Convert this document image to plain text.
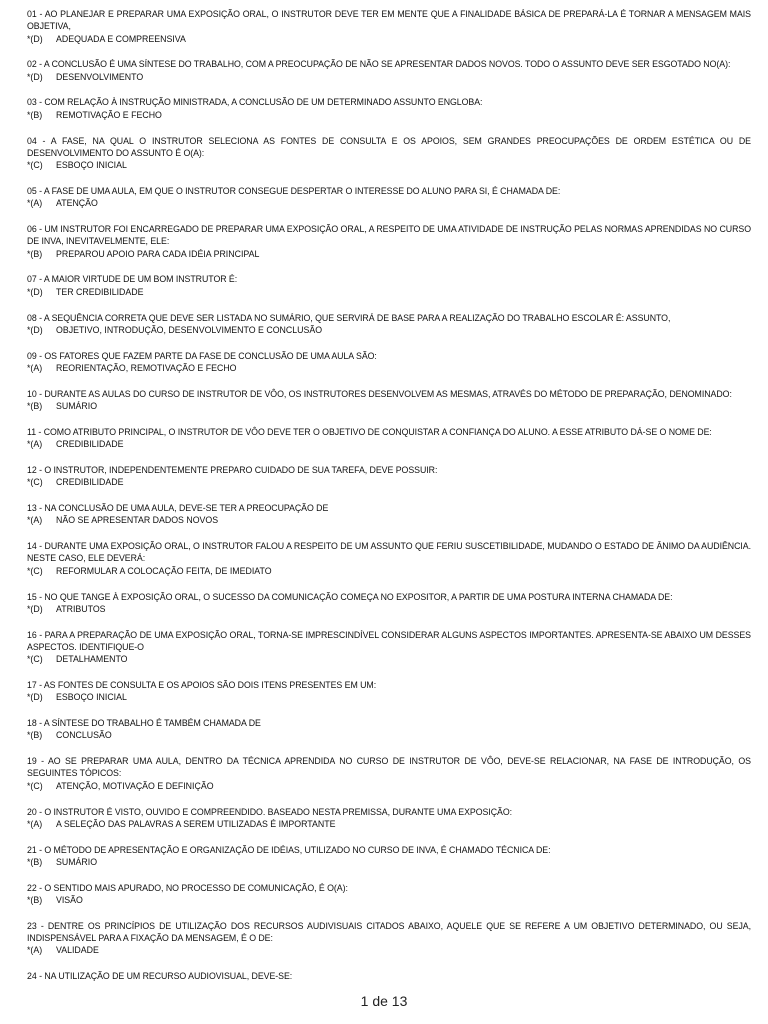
01 - AO PLANEJAR E PREPARAR UMA EXPOSIÇÃO ORAL, O INSTRUTOR DEVE TER EM MENTE QUE A FINALIDADE BÁSICA DE PREPARÁ-LA É TORNAR A MENSAGEM MAIS OBJETIVA,
*(D) ADEQUADA E COMPREENSIVA
02 - A CONCLUSÃO É UMA SÍNTESE DO TRABALHO, COM A PREOCUPAÇÃO DE NÃO SE APRESENTAR DADOS NOVOS. TODO O ASSUNTO DEVE SER ESGOTADO NO(A):
*(D) DESENVOLVIMENTO
03 - COM RELAÇÃO À INSTRUÇÃO MINISTRADA, A CONCLUSÃO DE UM DETERMINADO ASSUNTO ENGLOBA:
*(B) REMOTIVAÇÃO E FECHO
04 - A FASE, NA QUAL O INSTRUTOR SELECIONA AS FONTES DE CONSULTA E OS APOIOS, SEM GRANDES PREOCUPAÇÕES DE ORDEM ESTÉTICA OU DE DESENVOLVIMENTO DO ASSUNTO É O(A):
*(C) ESBOÇO INICIAL
05 - A FASE DE UMA AULA, EM QUE O INSTRUTOR CONSEGUE DESPERTAR O INTERESSE DO ALUNO PARA SI, É CHAMADA DE:
*(A) ATENÇÃO
06 - UM INSTRUTOR FOI ENCARREGADO DE PREPARAR UMA EXPOSIÇÃO ORAL, A RESPEITO DE UMA ATIVIDADE DE INSTRUÇÃO PELAS NORMAS APRENDIDAS NO CURSO DE INVA, INEVITAVELMENTE, ELE:
*(B) PREPAROU APOIO PARA CADA IDÉIA PRINCIPAL
07 - A MAIOR VIRTUDE DE UM BOM INSTRUTOR É:
*(D) TER CREDIBILIDADE
08 - A SEQUÊNCIA CORRETA QUE DEVE SER LISTADA NO SUMÁRIO, QUE SERVIRÁ DE BASE PARA A REALIZAÇÃO DO TRABALHO ESCOLAR É: ASSUNTO,
*(D) OBJETIVO, INTRODUÇÃO, DESENVOLVIMENTO E CONCLUSÃO
09 - OS FATORES QUE FAZEM PARTE DA FASE DE CONCLUSÃO DE UMA AULA SÃO:
*(A) REORIENTAÇÃO, REMOTIVAÇÃO E FECHO
10 - DURANTE AS AULAS DO CURSO DE INSTRUTOR DE VÔO, OS INSTRUTORES DESENVOLVEM AS MESMAS, ATRAVÉS DO MÉTODO DE PREPARAÇÃO, DENOMINADO:
*(B) SUMÁRIO
11 - COMO ATRIBUTO PRINCIPAL, O INSTRUTOR DE VÔO DEVE TER O OBJETIVO DE CONQUISTAR A CONFIANÇA DO ALUNO. A ESSE ATRIBUTO DÁ-SE O NOME DE:
*(A) CREDIBILIDADE
12 - O INSTRUTOR, INDEPENDENTEMENTE PREPARO CUIDADO DE SUA TAREFA, DEVE POSSUIR:
*(C) CREDIBILIDADE
13 - NA CONCLUSÃO DE UMA AULA, DEVE-SE TER A PREOCUPAÇÃO DE
*(A) NÃO SE APRESENTAR DADOS NOVOS
14 - DURANTE UMA EXPOSIÇÃO ORAL, O INSTRUTOR FALOU A RESPEITO DE UM ASSUNTO QUE FERIU SUSCETIBILIDADE, MUDANDO O ESTADO DE ÂNIMO DA AUDIÊNCIA. NESTE CASO, ELE DEVERÁ:
*(C) REFORMULAR A COLOCAÇÃO FEITA, DE IMEDIATO
15 - NO QUE TANGE À EXPOSIÇÃO ORAL, O SUCESSO DA COMUNICAÇÃO COMEÇA NO EXPOSITOR, A PARTIR DE UMA POSTURA INTERNA CHAMADA DE:
*(D) ATRIBUTOS
16 - PARA A PREPARAÇÃO DE UMA EXPOSIÇÃO ORAL, TORNA-SE IMPRESCINDÍVEL CONSIDERAR ALGUNS ASPECTOS IMPORTANTES. APRESENTA-SE ABAIXO UM DESSES ASPECTOS. IDENTIFIQUE-O
*(C) DETALHAMENTO
17 - AS FONTES DE CONSULTA E OS APOIOS SÃO DOIS ITENS PRESENTES EM UM:
*(D) ESBOÇO INICIAL
18 - A SÍNTESE DO TRABALHO É TAMBÉM CHAMADA DE
*(B) CONCLUSÃO
19 - AO SE PREPARAR UMA AULA, DENTRO DA TÉCNICA APRENDIDA NO CURSO DE INSTRUTOR DE VÔO, DEVE-SE RELACIONAR, NA FASE DE INTRODUÇÃO, OS SEGUINTES TÓPICOS:
*(C) ATENÇÃO, MOTIVAÇÃO E DEFINIÇÃO
20 - O INSTRUTOR É VISTO, OUVIDO E COMPREENDIDO. BASEADO NESTA PREMISSA, DURANTE UMA EXPOSIÇÃO:
*(A) A SELEÇÃO DAS PALAVRAS A SEREM UTILIZADAS É IMPORTANTE
21 - O MÉTODO DE APRESENTAÇÃO E ORGANIZAÇÃO DE IDÉIAS, UTILIZADO NO CURSO DE INVA, É CHAMADO TÉCNICA DE:
*(B) SUMÁRIO
22 - O SENTIDO MAIS APURADO, NO PROCESSO DE COMUNICAÇÃO, É O(A):
*(B) VISÃO
23 - DENTRE OS PRINCÍPIOS DE UTILIZAÇÃO DOS RECURSOS AUDIVISUAIS CITADOS ABAIXO, AQUELE QUE SE REFERE A UM OBJETIVO DETERMINADO, OU SEJA, INDISPENSÁVEL PARA A FIXAÇÃO DA MENSAGEM, É O DE:
*(A) VALIDADE
24 - NA UTILIZAÇÃO DE UM RECURSO AUDIOVISUAL, DEVE-SE:
1 de 13
